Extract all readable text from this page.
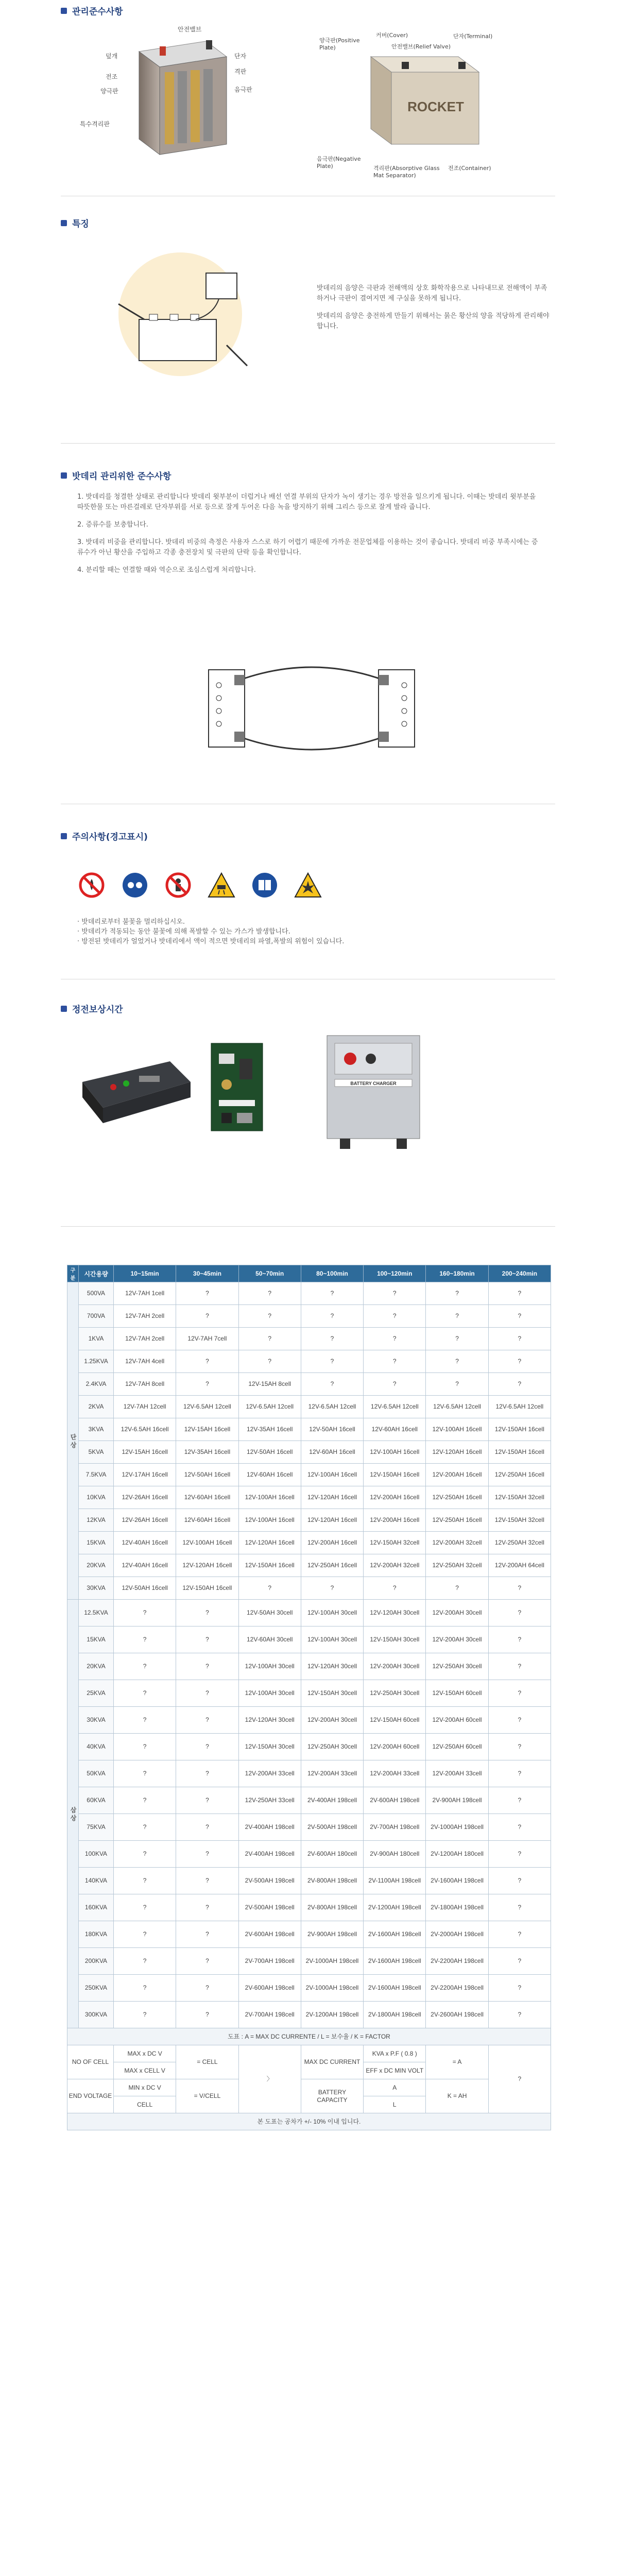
관리준수사항
안전밸브
덮개	단자
전조
격판
양극판	음극판
특수격리판
ROCKET
양극판(Positive Plate)
커버(Cover)
안전밸브(Relief Valve)
단자(Terminal)
음극판(Negative Plate)	격리판(Absorptive Glass Mat Separator)
전조(Container)
특징

밧데리의 음양은 극판과 전해액의 상호 화학작용으로 나타내므로 전해액이 부족하거나 극판이 결여지면 제 구실을 못하게 됩니다.

밧데리의 음양은 충전하게 만들기 위해서는 묽은 황산의 양을 적당하게 관리해야 합니다.

밧데리 관리위한 준수사항

1. 밧데리를 청결한 상태로 관리합니다 밧데리 윗부분이 더럽거나 배선 연결 부위의 단자가 녹이 생기는 경우 방전을 일으키게 됩니다. 이때는 밧데리 윗부분을 따뜻한물 또는 마른걸레로 단자부위를 서로 등으로 잘게 두어온 다음 녹을 방지하기 위해 그리스 등으로 잘게 발라 줍니다.

2. 증류수를 보충합니다.

3. 밧데리 비중을 관리합니다. 밧데리 비중의 측정은 사용자 스스로 하기 어렵기 때문에 가까운 전문업체를 이용하는 것이 좋습니다. 밧데리 비중 부족시에는 증류수가 아닌 황산을 주입하고 각종 충전장치 및 극판의 단락 등을 확인합니다.

4. 분리할 때는 연결할 때와 역순으로 조심스럽게 처리합니다.

주의사항(경고표시)
· 밧데리로부터 불꽃을 멀리하십시오.
· 밧데리가 적동되는 동안 불꽃에 의해 폭발할 수 있는 가스가 발생합니다.
· 방전된 밧데리가 얼었거나 밧데리에서 액이 적으면 밧데리의 파열,폭발의 위험이 있습니다.
정전보상시간
BATTERY CHARGER
구분	시간용량	10~15min	30~45min	50~70min	80~100min	100~120min	160~180min	200~240min
단 상	500VA	12V-7AH 1cell	?	?	?	?	?	?
	700VA	12V-7AH 2cell	?	?	?	?	?	?
	1KVA	12V-7AH 2cell	12V-7AH 7cell	?	?	?	?	?
	1.25KVA	12V-7AH 4cell	?	?	?	?	?	?
	2.4KVA	12V-7AH 8cell	?	12V-15AH 8cell	?	?	?	?
	2KVA	12V-7AH 12cell	12V-6.5AH 12cell	12V-6.5AH 12cell	12V-6.5AH 12cell	12V-6.5AH 12cell	12V-6.5AH 12cell	12V-6.5AH 12cell
	3KVA	12V-6.5AH 16cell	12V-15AH 16cell	12V-35AH 16cell	12V-50AH 16cell	12V-60AH 16cell	12V-100AH 16cell	12V-150AH 16cell
	5KVA	12V-15AH 16cell	12V-35AH 16cell	12V-50AH 16cell	12V-60AH 16cell	12V-100AH 16cell	12V-120AH 16cell	12V-150AH 16cell
	7.5KVA	12V-17AH 16cell	12V-50AH 16cell	12V-60AH 16cell	12V-100AH 16cell	12V-150AH 16cell	12V-200AH 16cell	12V-250AH 16cell
	10KVA	12V-26AH 16cell	12V-60AH 16cell	12V-100AH 16cell	12V-120AH 16cell	12V-200AH 16cell	12V-250AH 16cell	12V-150AH 32cell
	12KVA	12V-26AH 16cell	12V-60AH 16cell	12V-100AH 16cell	12V-120AH 16cell	12V-200AH 16cell	12V-250AH 16cell	12V-150AH 32cell
	15KVA	12V-40AH 16cell	12V-100AH 16cell	12V-120AH 16cell	12V-200AH 16cell	12V-150AH 32cell	12V-200AH 32cell	12V-250AH 32cell
	20KVA	12V-40AH 16cell	12V-120AH 16cell	12V-150AH 16cell	12V-250AH 16cell	12V-200AH 32cell	12V-250AH 32cell	12V-200AH 64cell
	30KVA	12V-50AH 16cell	12V-150AH 16cell	?	?	?	?	?
삼 상	12.5KVA	?	?	12V-50AH 30cell	12V-100AH 30cell	12V-120AH 30cell	12V-200AH 30cell	?
	15KVA	?	?	12V-60AH 30cell	12V-100AH 30cell	12V-150AH 30cell	12V-200AH 30cell	?
	20KVA	?	?	12V-100AH 30cell	12V-120AH 30cell	12V-200AH 30cell	12V-250AH 30cell	?
	25KVA	?	?	12V-100AH 30cell	12V-150AH 30cell	12V-250AH 30cell	12V-150AH 60cell	?
	30KVA	?	?	12V-120AH 30cell	12V-200AH 30cell	12V-150AH 60cell	12V-200AH 60cell	?
	40KVA	?	?	12V-150AH 30cell	12V-250AH 30cell	12V-200AH 60cell	12V-250AH 60cell	?
	50KVA	?	?	12V-200AH 33cell	12V-200AH 33cell	12V-200AH 33cell	12V-200AH 33cell	?
	60KVA	?	?	12V-250AH 33cell	2V-400AH 198cell	2V-600AH 198cell	2V-900AH 198cell	?
	75KVA	?	?	2V-400AH 198cell	2V-500AH 198cell	2V-700AH 198cell	2V-1000AH 198cell	?
	100KVA	?	?	2V-400AH 198cell	2V-600AH 180cell	2V-900AH 180cell	2V-1200AH 180cell	?
	140KVA	?	?	2V-500AH 198cell	2V-800AH 198cell	2V-1100AH 198cell	2V-1600AH 198cell	?
	160KVA	?	?	2V-500AH 198cell	2V-800AH 198cell	2V-1200AH 198cell	2V-1800AH 198cell	?
	180KVA	?	?	2V-600AH 198cell	2V-900AH 198cell	2V-1600AH 198cell	2V-2000AH 198cell	?
	200KVA	?	?	2V-700AH 198cell	2V-1000AH 198cell	2V-1600AH 198cell	2V-2200AH 198cell	?
	250KVA	?	?	2V-600AH 198cell	2V-1000AH 198cell	2V-1600AH 198cell	2V-2200AH 198cell	?
	300KVA	?	?	2V-700AH 198cell	2V-1200AH 198cell	2V-1800AH 198cell	2V-2600AH 198cell	?
도표 : A = MAX DC CURRENTE / L = 보수율 / K = FACTOR								
NO OF CELL		MAX x DC V	= CELL	〉	MAX DC CURRENT	KVA x P.F ( 0.8 )	= A	?
		MAX x CELL V				EFF x DC MIN VOLT		
END VOLTAGE		MIN x DC V	= V/CELL		BATTERY CAPACITY	A	K = AH	
		CELL				L		
본 도표는 공차가 +/- 10% 이내 입니다.								
